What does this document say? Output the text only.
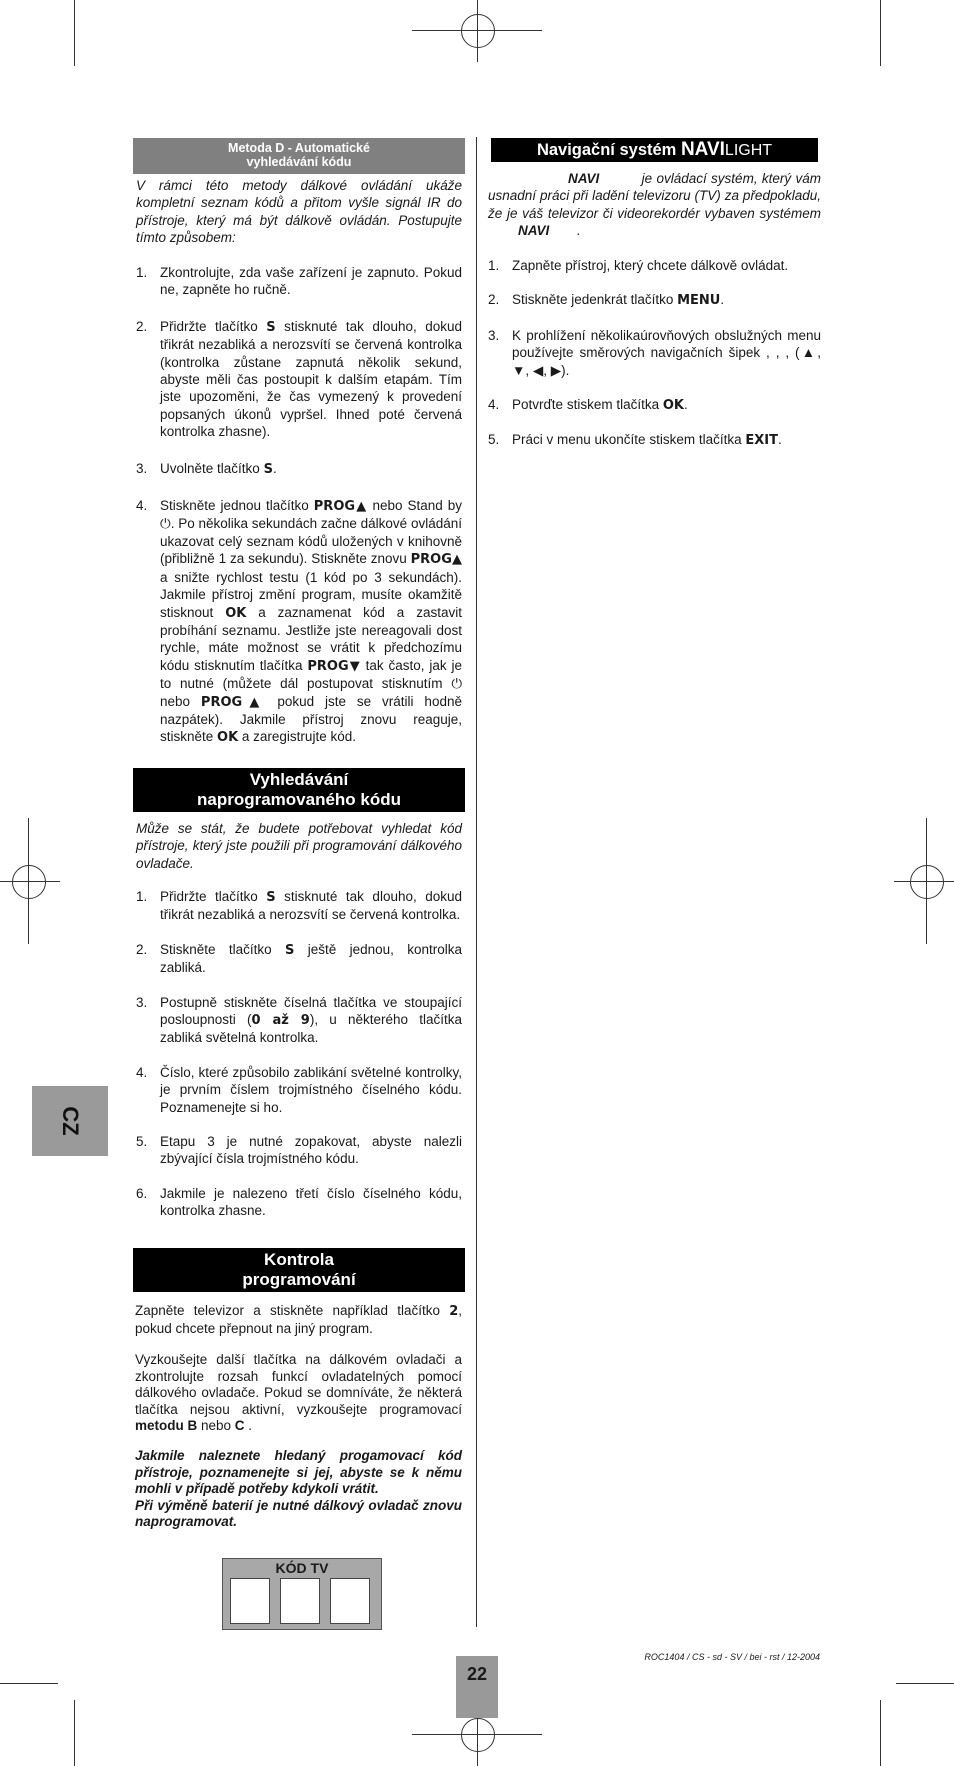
Metoda D - Automatické
vyhledávání kódu
V rámci této metody dálkové ovládání ukáže kompletní seznam kódů a přitom vyšle signál IR do přístroje, který má být dálkově ovládán. Postupujte tímto způsobem:
1. Zkontrolujte, zda vaše zařízení je zapnuto. Pokud ne, zapněte ho ručně.
2. Přidržte tlačítko S stisknuté tak dlouho, dokud třikrát nezabliká a nerozsvítí se červená kontrolka (kontrolka zůstane zapnutá několik sekund, abyste měli čas postoupit k dalším etapám. Tím jste upozoměni, že čas vymezený k provedení popsaných úkonů vypršel. Ihned poté červená kontrolka zhasne).
3. Uvolněte tlačítko S.
4. Stiskněte jednou tlačítko PROG▲ nebo Stand by ⏻. Po několika sekundách začne dálkové ovládání ukazovat celý seznam kódů uložených v knihovně (přibližně 1 za sekundu). Stiskněte znovu PROG▲ a snižte rychlost testu (1 kód po 3 sekundách). Jakmile přístroj změní program, musíte okamžitě stisknout OK a zaznamenat kód a zastavit probíhání seznamu. Jestliže jste nereagovali dost rychle, máte možnost se vrátit k předchozímu kódu stisknutím tlačítka PROG▼ tak často, jak je to nutné (můžete dál postupovat stisknutím ⏻ nebo PROG▲ pokud jste se vrátili hodně nazpátek). Jakmile přístroj znovu reaguje, stiskněte OK a zaregistrujte kód.
Vyhledávání
naprogramovaného kódu
Může se stát, že budete potřebovat vyhledat kód přístroje, který jste použili při programování dálkového ovladače.
1. Přidržte tlačítko S stisknuté tak dlouho, dokud třikrát nezabliká a nerozsvítí se červená kontrolka.
2. Stiskněte tlačítko S ještě jednou, kontrolka zabliká.
3. Postupně stiskněte číselná tlačítka ve stoupající posloupnosti (0 až 9), u některého tlačítka zabliká světelná kontrolka.
4. Číslo, které způsobilo zablikání světelné kontrolky, je prvním číslem trojmístného číselného kódu. Poznamenejte si ho.
5. Etapu 3 je nutné zopakovat, abyste nalezli zbývající čísla trojmístného kódu.
6. Jakmile je nalezeno třetí číslo číselného kódu, kontrolka zhasne.
Kontrola
programování
Zapněte televizor a stiskněte například tlačítko 2, pokud chcete přepnout na jiný program.
Vyzkoušejte další tlačítka na dálkovém ovladači a zkontrolujte rozsah funkcí ovladatelných pomocí dálkového ovladače. Pokud se domníváte, že některá tlačítka nejsou aktivní, vyzkoušejte programovací metodu B nebo C .
Jakmile naleznete hledaný progamovací kód přístroje, poznamenejte si jej, abyste se k němu mohli v případě potřeby kdykoli vrátit.
Při výměně baterií je nutné dálkový ovladač znovu naprogramovat.
KÓD TV
Navigační systém NAVILIGHT
NAVI	je ovládací systém, který vám usnadní práci při ladění televizoru (TV) za předpokladu, že je váš televizor či videorekordér vybaven systémem NAVI .
1. Zapněte přístroj, který chcete dálkově ovládat.
2. Stiskněte jedenkrát tlačítko MENU.
3. K prohlížení několikaúrovňových obslužných menu používejte směrových navigačních šipek , , , (▲, ▼, ◀, ▶).
4. Potvrďte stiskem tlačítka OK.
5. Práci v menu ukončíte stiskem tlačítka EXIT.
CZ
ROC1404 / CS - sd - SV / bei - rst / 12-2004
22
